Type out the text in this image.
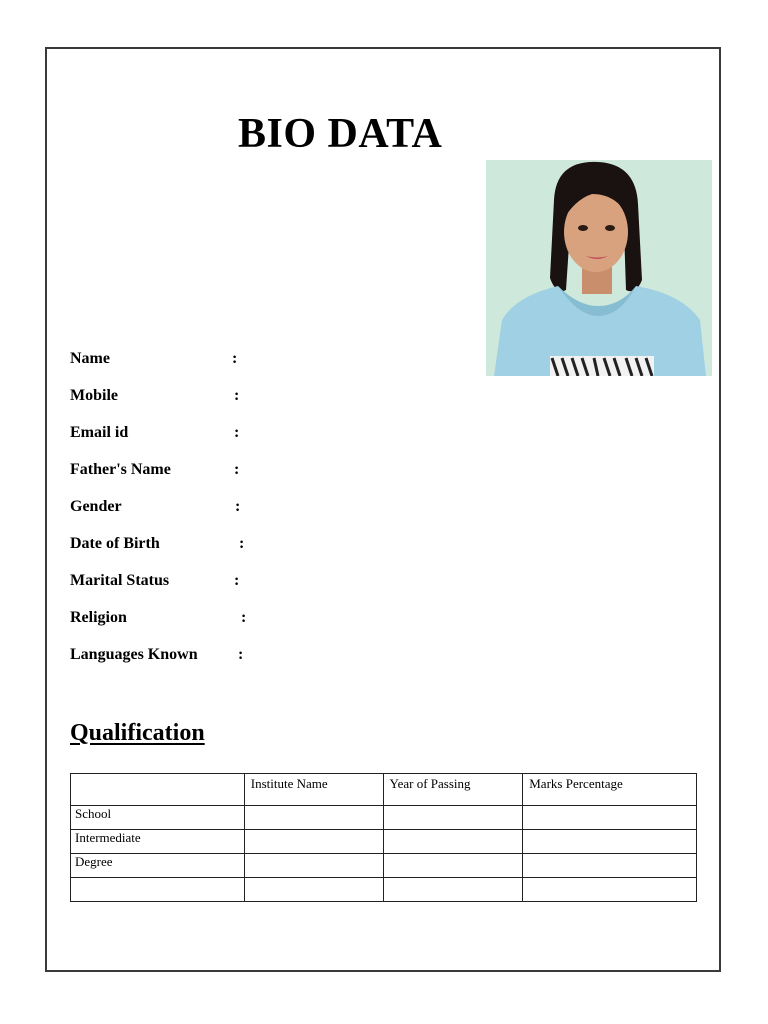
BIO DATA
Name	:
Mobile	:
Email id	:
Father's Name	:
Gender	:
Date of Birth	:
Marital Status	:
Religion	:
Languages Known	:
Qualification
	Institute Name	Year of Passing	Marks Percentage
School			
Intermediate			
Degree			
